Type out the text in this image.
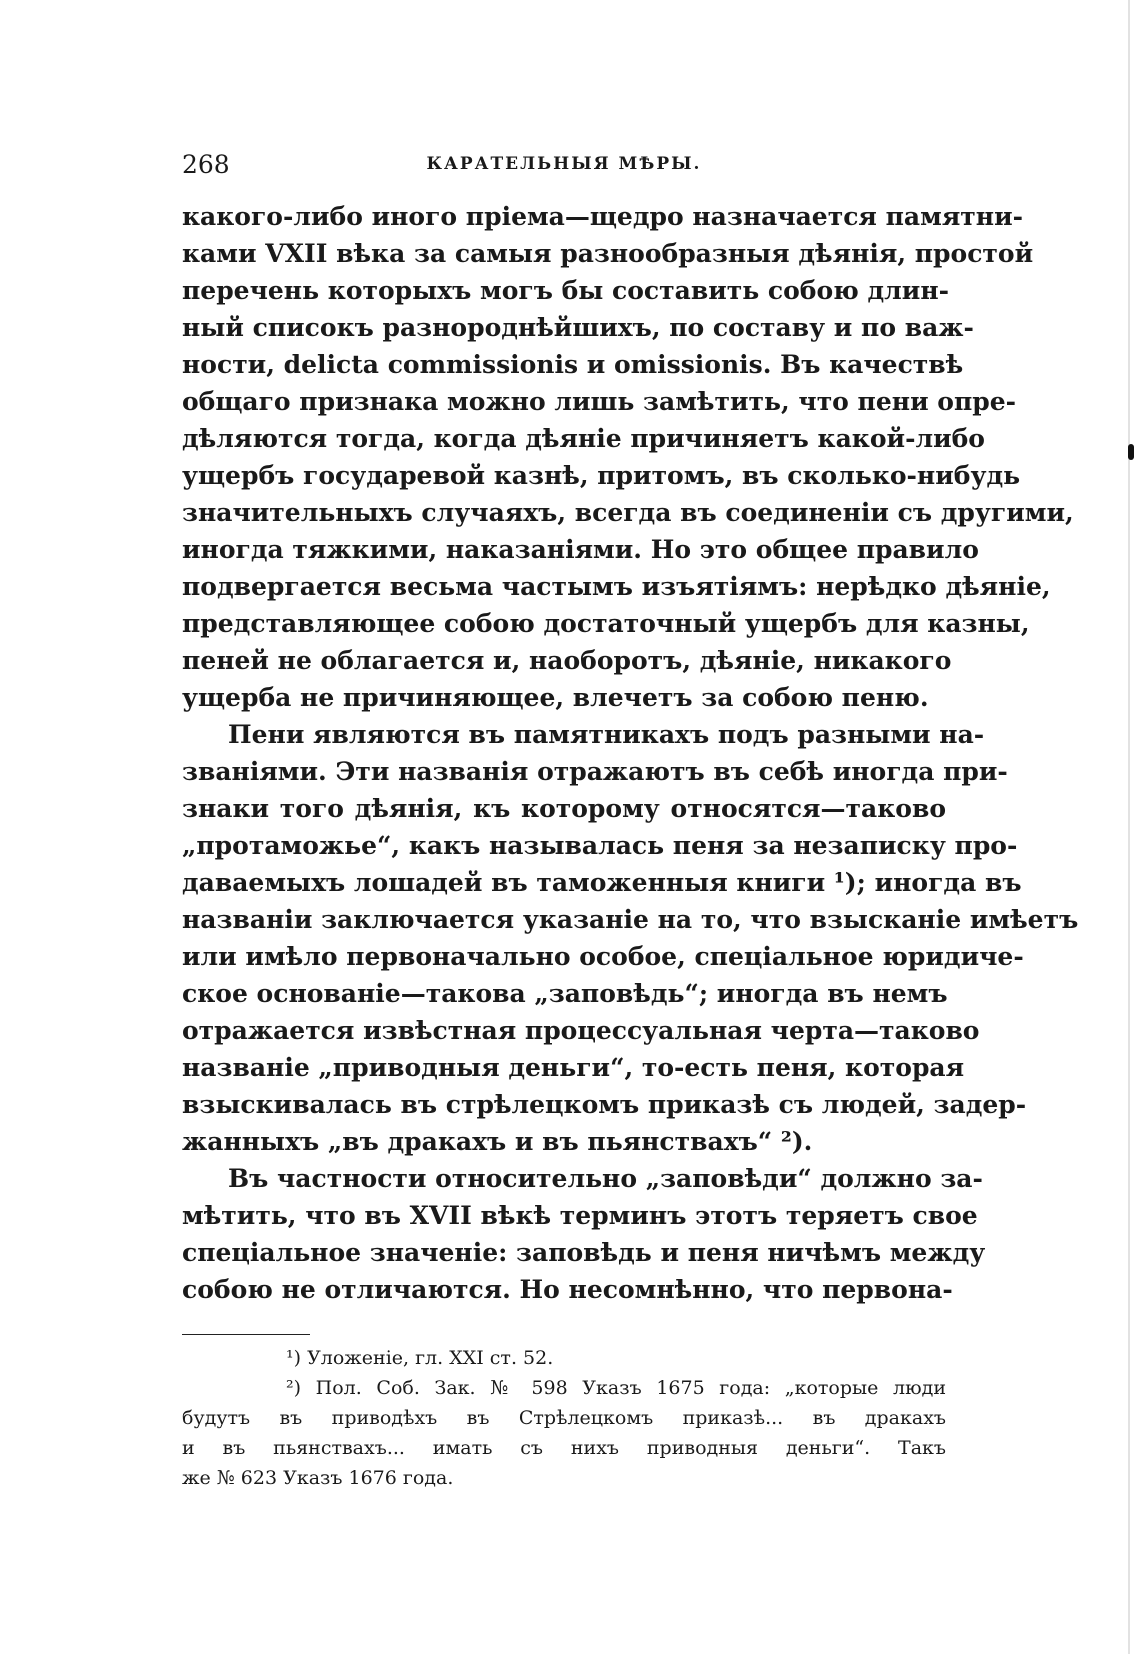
268	КАРАТЕЛЬНЫЯ МѢРЫ.
какого-либо иного пріема—щедро назначается памятни-
ками VXII вѣка за самыя разнообразныя дѣянія, простой
перечень которыхъ могъ бы составить собою длин-
ный списокъ разнороднѣйшихъ, по составу и по важ-
ности, delicta commissionis и omissionis. Въ качествѣ
общаго признака можно лишь замѣтить, что пени опре-
дѣляются тогда, когда дѣяніе причиняетъ какой-либо
ущербъ государевой казнѣ, притомъ, въ сколько-нибудь
значительныхъ случаяхъ, всегда въ соединеніи съ другими,
иногда тяжкими, наказаніями. Но это общее правило
подвергается весьма частымъ изъятіямъ: нерѣдко дѣяніе,
представляющее собою достаточный ущербъ для казны,
пеней не облагается и, наоборотъ, дѣяніе, никакого
ущерба не причиняющее, влечетъ за собою пеню.
Пени являются въ памятникахъ подъ разными на-
званіями. Эти названія отражаютъ въ себѣ иногда при-
знаки того дѣянія, къ которому относятся—таково
„протаможье“, какъ называлась пеня за незаписку про-
даваемыхъ лошадей въ таможенныя книги ¹); иногда въ
названіи заключается указаніе на то, что взысканіе имѣетъ
или имѣло первоначально особое, спеціальное юридиче-
ское основаніе—такова „заповѣдь“; иногда въ немъ
отражается извѣстная процессуальная черта—таково
названіе „приводныя деньги“, то-есть пеня, которая
взыскивалась въ стрѣлецкомъ приказѣ съ людей, задер-
жанныхъ „въ дракахъ и въ пьянствахъ“ ²).
Въ частности относительно „заповѣди“ должно за-
мѣтить, что въ XVII вѣкѣ терминъ этотъ теряетъ свое
спеціальное значеніе: заповѣдь и пеня ничѣмъ между
собою не отличаются. Но несомнѣнно, что первона-
¹) Уложеніе, гл. XXI ст. 52.
²) Пол. Соб. Зак. № 598 Указъ 1675 года: „которые люди
будутъ въ приводѣхъ въ Стрѣлецкомъ приказѣ... въ дракахъ
и въ пьянствахъ... имать съ нихъ приводныя деньги“. Такъ
же № 623 Указъ 1676 года.
